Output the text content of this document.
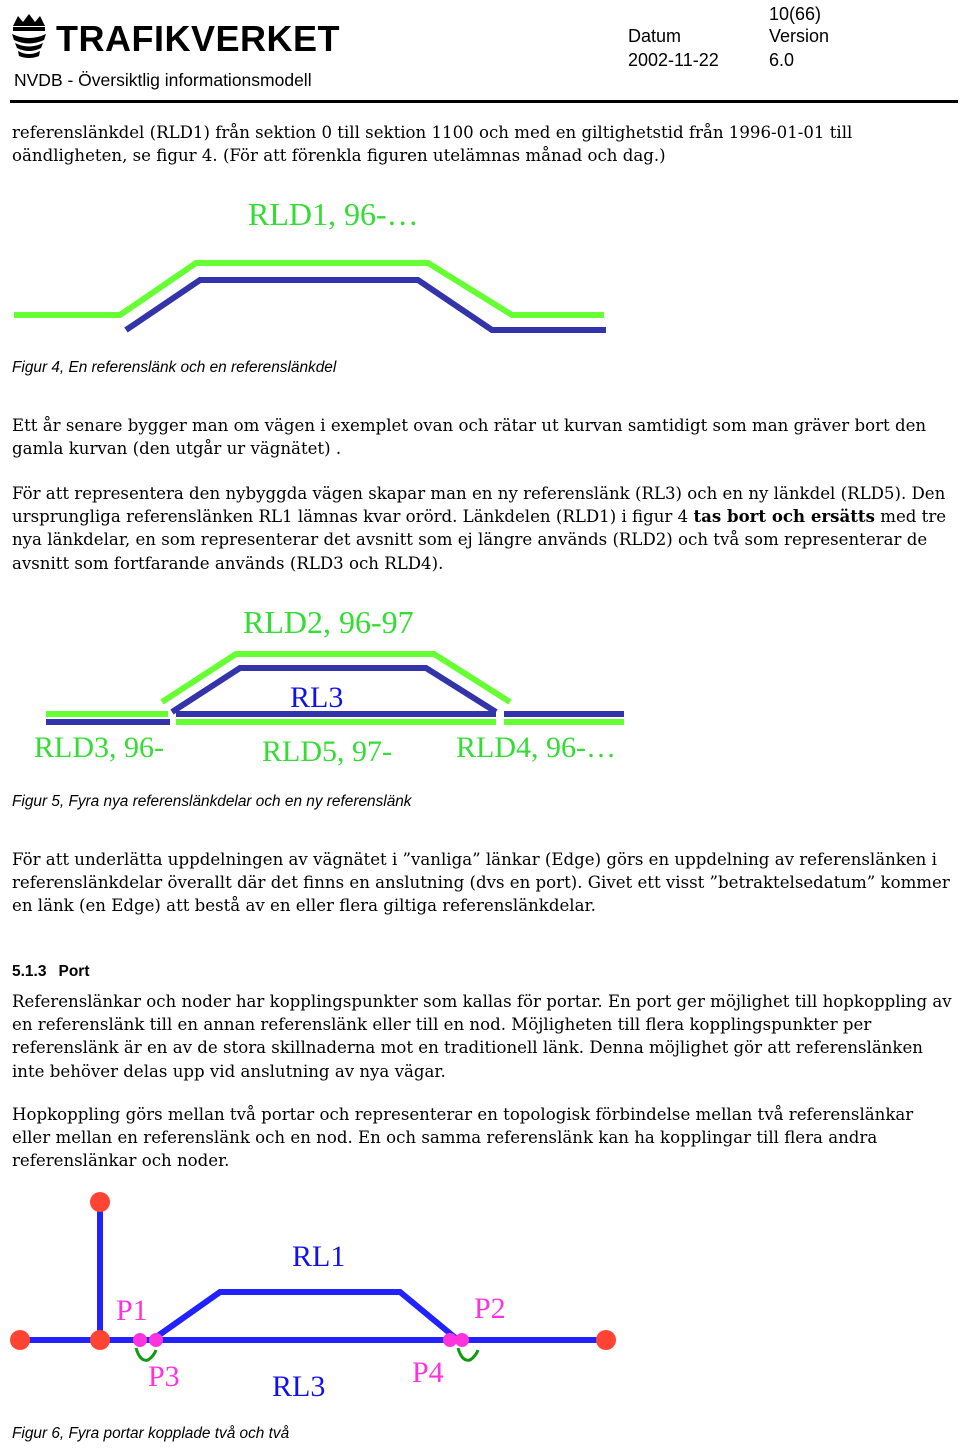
TRAFIKVERKET
NVDB - Översiktlig informationsmodell
10(66)
Datum
2002-11-22
Version
6.0
referenslänkdel (RLD1) från sektion 0 till sektion 1100 och med en giltighetstid från 1996-01-01 till oändligheten, se figur 4. (För att förenkla figuren utelämnas månad och dag.)
RLD1, 96-…
Figur 4, En referenslänk och en referenslänkdel
Ett år senare bygger man om vägen i exemplet ovan och rätar ut kurvan samtidigt som man gräver bort den gamla kurvan (den utgår ur vägnätet) .
För att representera den nybyggda vägen skapar man en ny referenslänk (RL3) och en ny länkdel (RLD5). Den ursprungliga referenslänken RL1 lämnas kvar orörd. Länkdelen (RLD1) i figur 4 tas bort och ersätts med tre nya länkdelar, en som representerar det avsnitt som ej längre används (RLD2) och två som representerar de avsnitt som fortfarande används (RLD3 och RLD4).
RLD2, 96-97
RL3
RLD3, 96-	RLD5, 97- RLD4, 96-…
Figur 5, Fyra nya referenslänkdelar och en ny referenslänk
För att underlätta uppdelningen av vägnätet i ”vanliga” länkar (Edge) görs en uppdelning av referenslänken i referenslänkdelar överallt där det finns en anslutning (dvs en port). Givet ett visst ”betraktelsedatum” kommer en länk (en Edge) att bestå av en eller flera giltiga referenslänkdelar.
5.1.3 Port
Referenslänkar och noder har kopplingspunkter som kallas för portar. En port ger möjlighet till hopkoppling av en referenslänk till en annan referenslänk eller till en nod. Möjligheten till flera kopplingspunkter per referenslänk är en av de stora skillnaderna mot en traditionell länk. Denna möjlighet gör att referenslänken inte behöver delas upp vid anslutning av nya vägar.
Hopkoppling görs mellan två portar och representerar en topologisk förbindelse mellan två referenslänkar eller mellan en referenslänk och en nod. En och samma referenslänk kan ha kopplingar till flera andra referenslänkar och noder.
RL1
P1	P2
P3	P4
RL3
Figur 6, Fyra portar kopplade två och två
